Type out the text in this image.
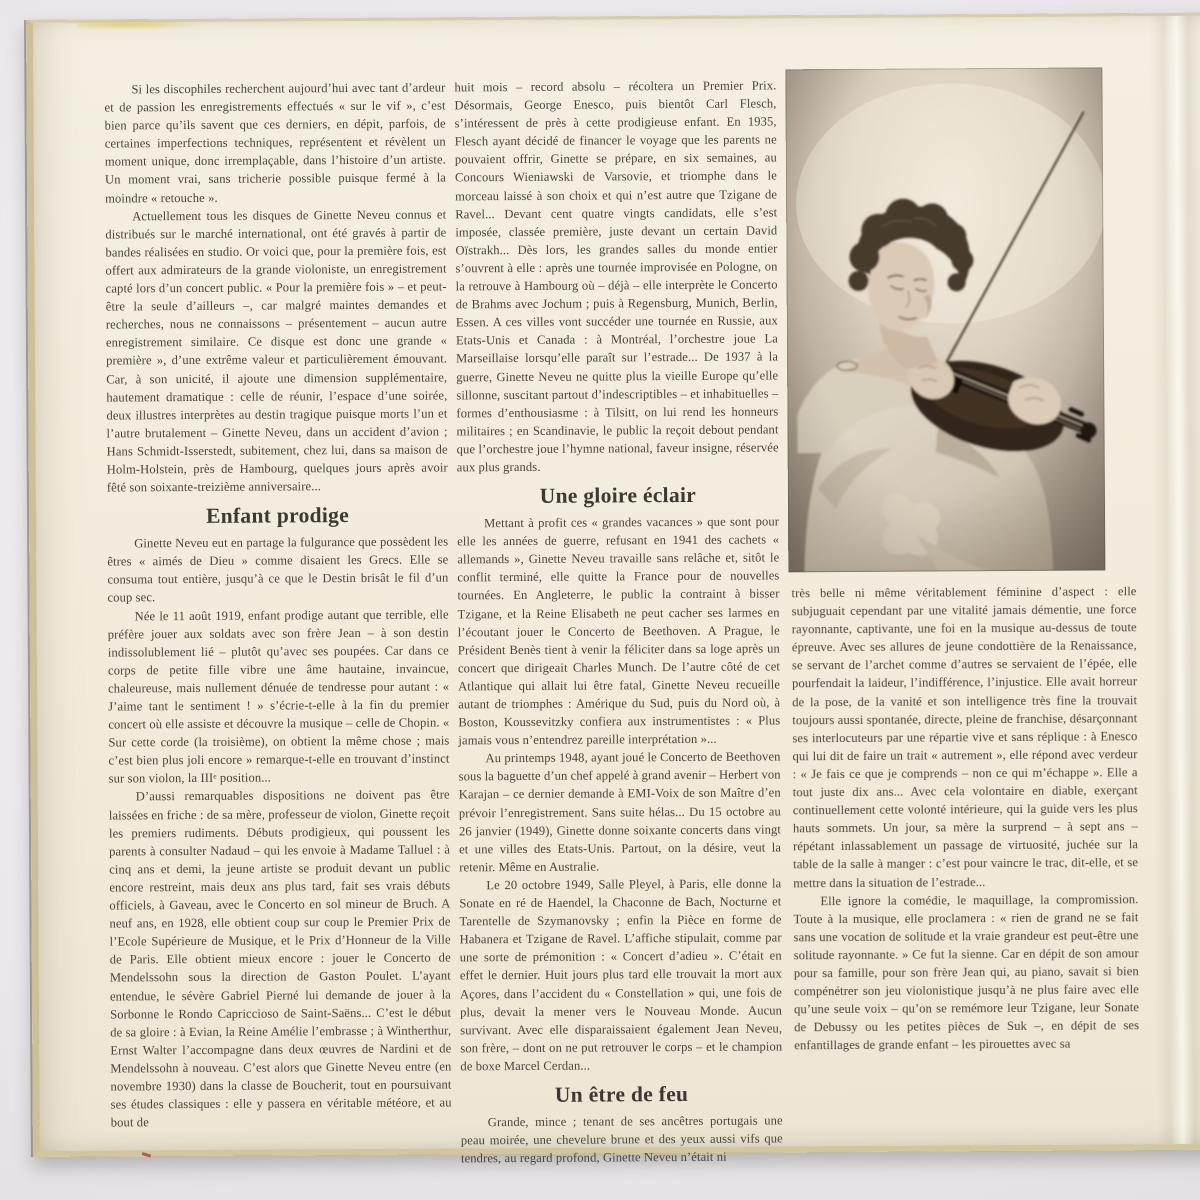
Si les discophiles recherchent aujourd’hui avec tant d’ardeur et de passion les enregistrements effectués « sur le vif », c’est bien parce qu’ils savent que ces derniers, en dépit, parfois, de certaines imperfections techniques, représentent et révèlent un moment unique, donc irremplaçable, dans l’histoire d’un artiste. Un moment vrai, sans tricherie possible puisque fermé à la moindre « retouche ».

Actuellement tous les disques de Ginette Neveu connus et distribués sur le marché international, ont été gravés à partir de bandes réalisées en studio. Or voici que, pour la première fois, est offert aux admirateurs de la grande violoniste, un enregistrement capté lors d’un concert public. « Pour la première fois » – et peut-être la seule d’ailleurs –, car malgré maintes demandes et recherches, nous ne connaissons – présentement – aucun autre enregistrement similaire. Ce disque est donc une grande « première », d’une extrême valeur et particulièrement émouvant. Car, à son unicité, il ajoute une dimension supplémentaire, hautement dramatique : celle de réunir, l’espace d’une soirée, deux illustres interprètes au destin tragique puisque morts l’un et l’autre brutalement – Ginette Neveu, dans un accident d’avion ; Hans Schmidt-Isserstedt, subitement, chez lui, dans sa maison de Holm-Holstein, près de Hambourg, quelques jours après avoir fêté son soixante-treizième anniversaire...

Enfant prodige

Ginette Neveu eut en partage la fulgurance que possèdent les êtres « aimés de Dieu » comme disaient les Grecs. Elle se consuma tout entière, jusqu’à ce que le Destin brisât le fil d’un coup sec.

Née le 11 août 1919, enfant prodige autant que terrible, elle préfère jouer aux soldats avec son frère Jean – à son destin indissolublement lié – plutôt qu’avec ses poupées. Car dans ce corps de petite fille vibre une âme hautaine, invaincue, chaleureuse, mais nullement dénuée de tendresse pour autant : « J’aime tant le sentiment ! » s’écrie-t-elle à la fin du premier concert où elle assiste et découvre la musique – celle de Chopin. « Sur cette corde (la troisième), on obtient la même chose ; mais c’est bien plus joli encore » remarque-t-elle en trouvant d’instinct sur son violon, la IIIᵉ position...

D’aussi remarquables dispositions ne doivent pas être laissées en friche : de sa mère, professeur de violon, Ginette reçoit les premiers rudiments. Débuts prodigieux, qui poussent les parents à consulter Nadaud – qui les envoie à Madame Talluel : à cinq ans et demi, la jeune artiste se produit devant un public encore restreint, mais deux ans plus tard, fait ses vrais débuts officiels, à Gaveau, avec le Concerto en sol mineur de Bruch. A neuf ans, en 1928, elle obtient coup sur coup le Premier Prix de l’Ecole Supérieure de Musique, et le Prix d’Honneur de la Ville de Paris. Elle obtient mieux encore : jouer le Concerto de Mendelssohn sous la direction de Gaston Poulet. L’ayant entendue, le sévère Gabriel Pierné lui demande de jouer à la Sorbonne le Rondo Capriccioso de Saint-Saëns... C’est le début de sa gloire : à Evian, la Reine Amélie l’embrasse ; à Wintherthur, Ernst Walter l’accompagne dans deux œuvres de Nardini et de Mendelssohn à nouveau. C’est alors que Ginette Neveu entre (en novembre 1930) dans la classe de Boucherit, tout en poursuivant ses études classiques : elle y passera en véritable météore, et au bout de

huit mois – record absolu – récoltera un Premier Prix. Désormais, George Enesco, puis bientôt Carl Flesch, s’intéressent de près à cette prodigieuse enfant. En 1935, Flesch ayant décidé de financer le voyage que les parents ne pouvaient offrir, Ginette se prépare, en six semaines, au Concours Wieniawski de Varsovie, et triomphe dans le morceau laissé à son choix et qui n’est autre que Tzigane de Ravel... Devant cent quatre vingts candidats, elle s’est imposée, classée première, juste devant un certain David Oïstrakh... Dès lors, les grandes salles du monde entier s’ouvrent à elle : après une tournée improvisée en Pologne, on la retrouve à Hambourg où – déjà – elle interprète le Concerto de Brahms avec Jochum ; puis à Regensburg, Munich, Berlin, Essen. A ces villes vont succéder une tournée en Russie, aux Etats-Unis et Canada : à Montréal, l’orchestre joue La Marseillaise lorsqu’elle paraît sur l’estrade... De 1937 à la guerre, Ginette Neveu ne quitte plus la vieille Europe qu’elle sillonne, suscitant partout d’indescriptibles – et inhabituelles – formes d’enthousiasme : à Tilsitt, on lui rend les honneurs militaires ; en Scandinavie, le public la reçoit debout pendant que l’orchestre joue l’hymne national, faveur insigne, réservée aux plus grands.

Une gloire éclair

Mettant à profit ces « grandes vacances » que sont pour elle les années de guerre, refusant en 1941 des cachets « allemands », Ginette Neveu travaille sans relâche et, sitôt le conflit terminé, elle quitte la France pour de nouvelles tournées. En Angleterre, le public la contraint à bisser Tzigane, et la Reine Elisabeth ne peut cacher ses larmes en l’écoutant jouer le Concerto de Beethoven. A Prague, le Président Benès tient à venir la féliciter dans sa loge après un concert que dirigeait Charles Munch. De l’autre côté de cet Atlantique qui allait lui être fatal, Ginette Neveu recueille autant de triomphes : Amérique du Sud, puis du Nord où, à Boston, Koussevitzky confiera aux instrumentistes : « Plus jamais vous n’entendrez pareille interprétation »...

Au printemps 1948, ayant joué le Concerto de Beethoven sous la baguette d’un chef appelé à grand avenir – Herbert von Karajan – ce dernier demande à EMI-Voix de son Maître d’en prévoir l’enregistrement. Sans suite hélas... Du 15 octobre au 26 janvier (1949), Ginette donne soixante concerts dans vingt et une villes des Etats-Unis. Partout, on la désire, veut la retenir. Même en Australie.

Le 20 octobre 1949, Salle Pleyel, à Paris, elle donne la Sonate en ré de Haendel, la Chaconne de Bach, Nocturne et Tarentelle de Szymanovsky ; enfin la Pièce en forme de Habanera et Tzigane de Ravel. L’affiche stipulait, comme par une sorte de prémonition : « Concert d’adieu ». C’était en effet le dernier. Huit jours plus tard elle trouvait la mort aux Açores, dans l’accident du « Constellation » qui, une fois de plus, devait la mener vers le Nouveau Monde. Aucun survivant. Avec elle disparaissaient également Jean Neveu, son frère, – dont on ne put retrouver le corps – et le champion de boxe Marcel Cerdan...

Un être de feu

Grande, mince ; tenant de ses ancêtres portugais une peau moirée, une chevelure brune et des yeux aussi vifs que tendres, au regard profond, Ginette Neveu n’était ni

très belle ni même véritablement féminine d’aspect : elle subjuguait cependant par une vitalité jamais démentie, une force rayonnante, captivante, une foi en la musique au-dessus de toute épreuve. Avec ses allures de jeune condottière de la Renaissance, se servant de l’archet comme d’autres se servaient de l’épée, elle pourfendait la laideur, l’indifférence, l’injustice. Elle avait horreur de la pose, de la vanité et son intelligence très fine la trouvait toujours aussi spontanée, directe, pleine de franchise, désarçonnant ses interlocuteurs par une répartie vive et sans réplique : à Enesco qui lui dit de faire un trait « autrement », elle répond avec verdeur : « Je fais ce que je comprends – non ce qui m’échappe ». Elle a tout juste dix ans... Avec cela volontaire en diable, exerçant continuellement cette volonté intérieure, qui la guide vers les plus hauts sommets. Un jour, sa mère la surprend – à sept ans – répétant inlassablement un passage de virtuosité, juchée sur la table de la salle à manger : c’est pour vaincre le trac, dit-elle, et se mettre dans la situation de l’estrade...

Elle ignore la comédie, le maquillage, la compromission. Toute à la musique, elle proclamera : « rien de grand ne se fait sans une vocation de solitude et la vraie grandeur est peut-être une solitude rayonnante. » Ce fut la sienne. Car en dépit de son amour pour sa famille, pour son frère Jean qui, au piano, savait si bien compénétrer son jeu violonistique jusqu’à ne plus faire avec elle qu’une seule voix – qu’on se remémore leur Tzigane, leur Sonate de Debussy ou les petites pièces de Suk –, en dépit de ses enfantillages de grande enfant – les pirouettes avec sa
